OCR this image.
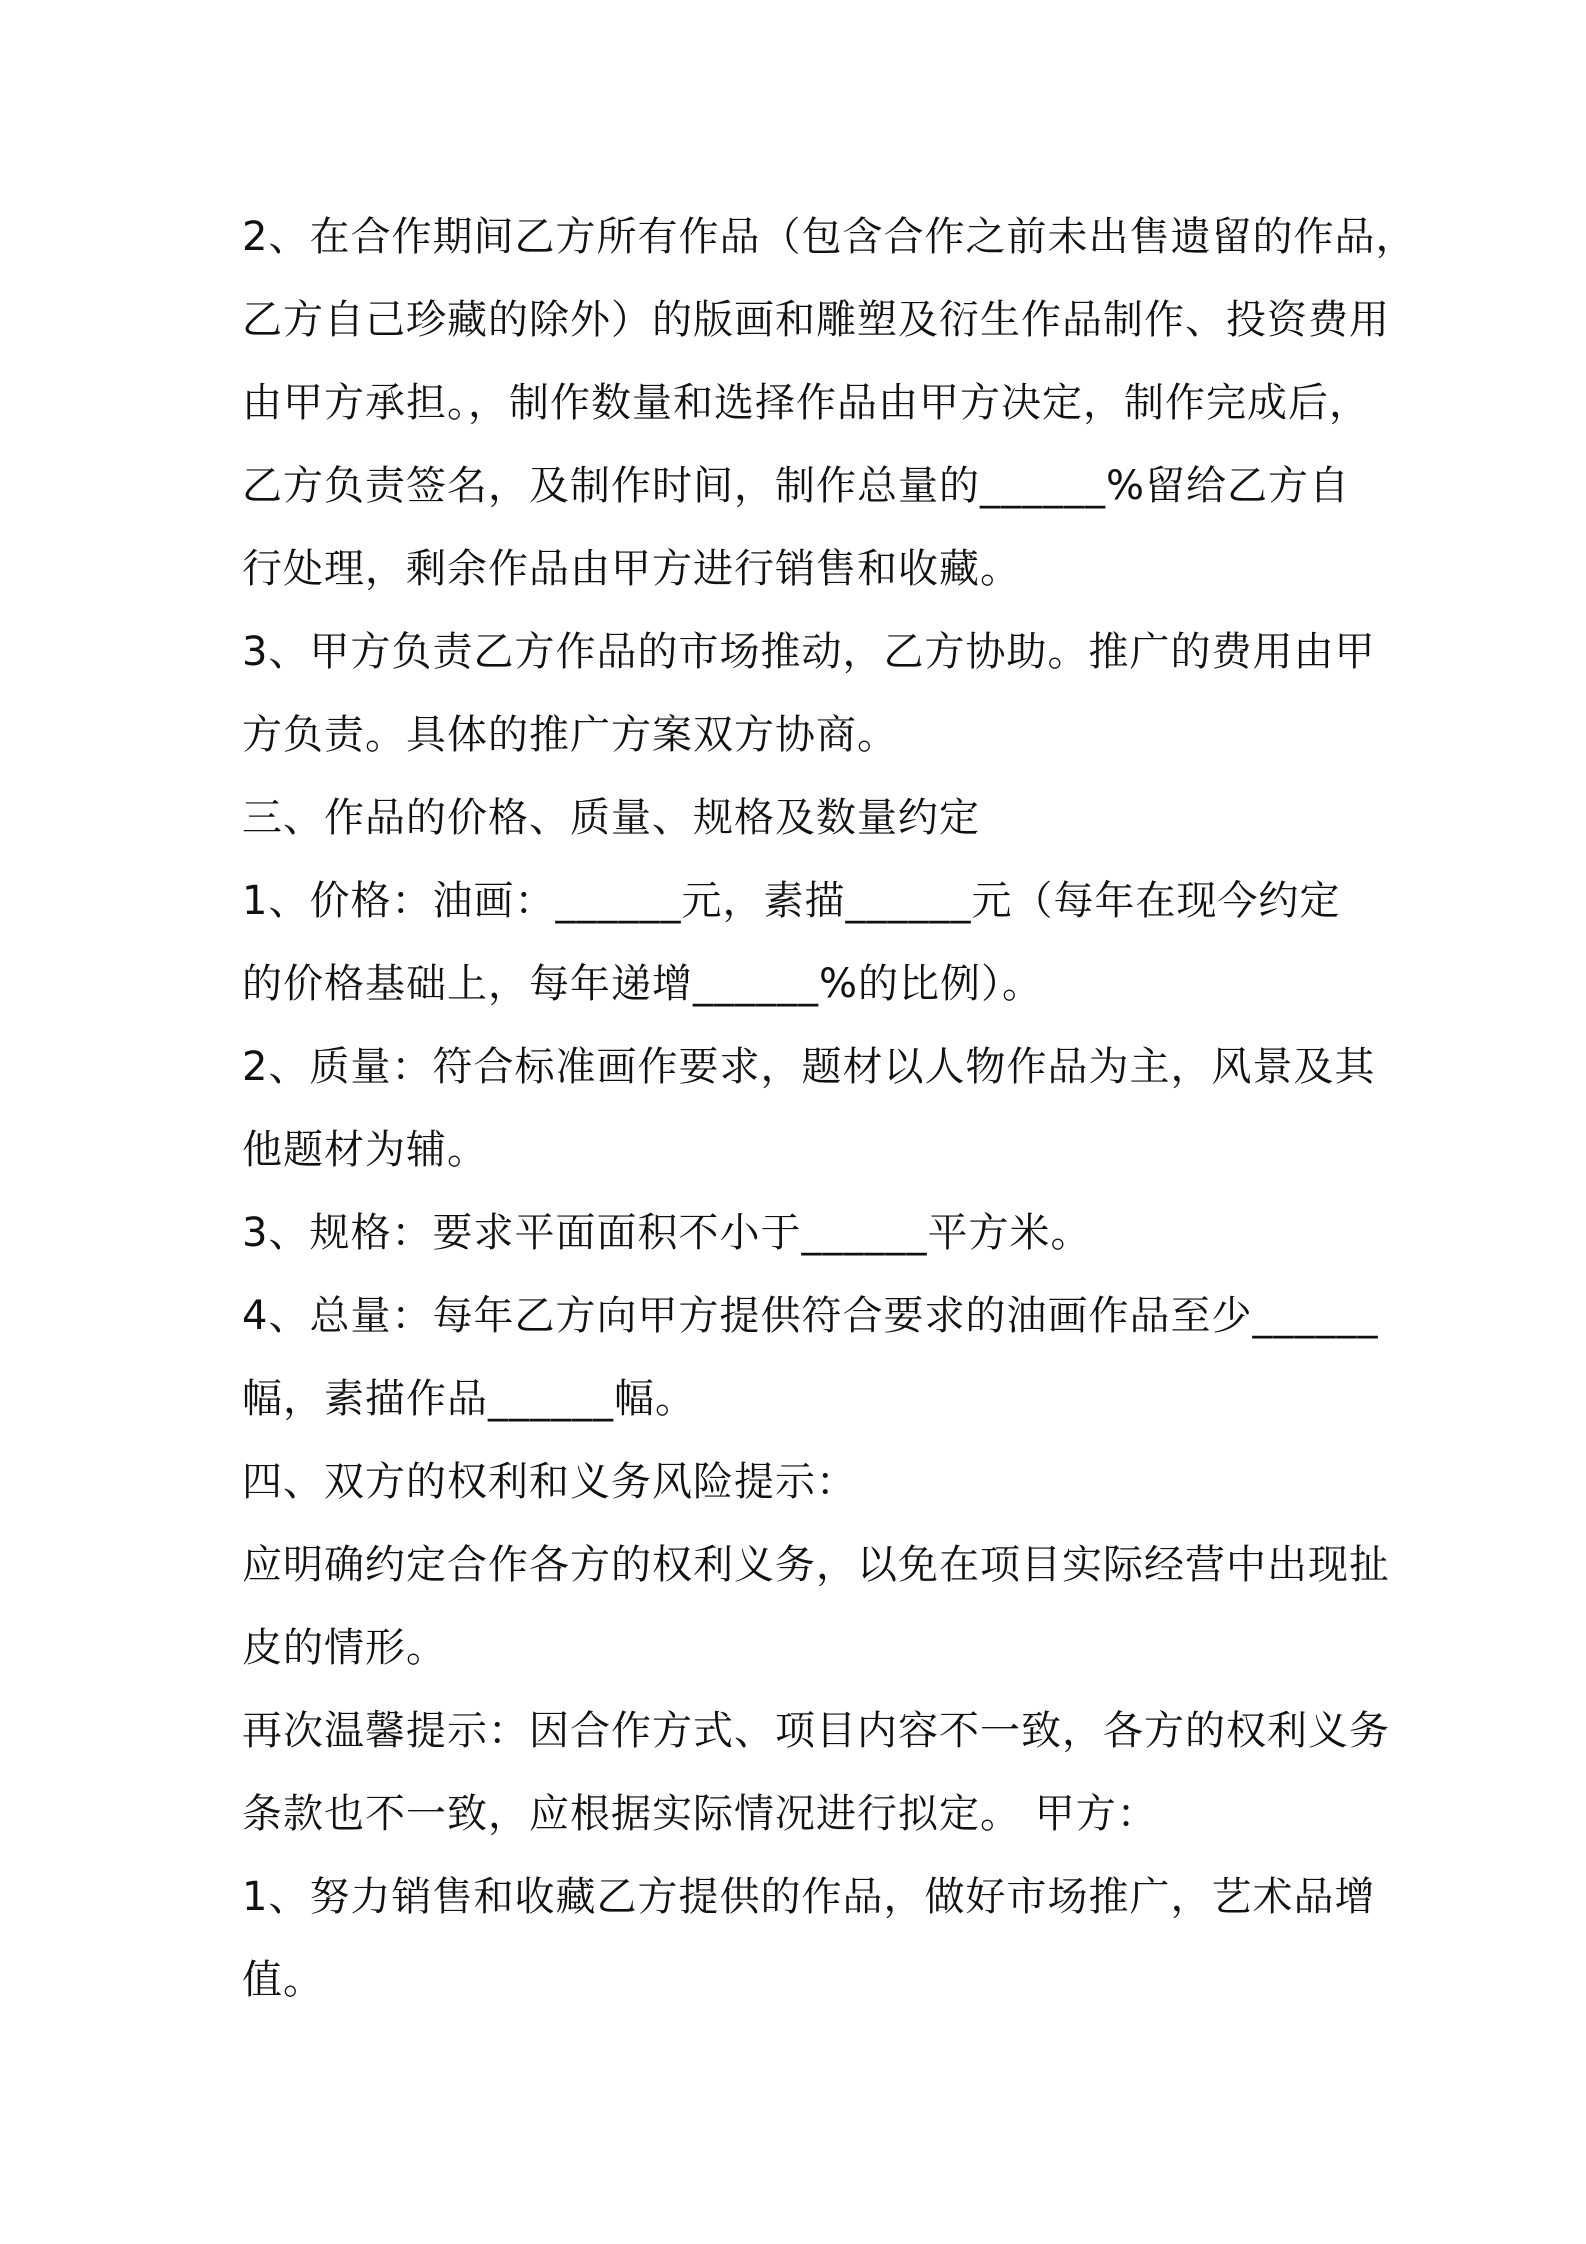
2、在合作期间乙方所有作品（包含合作之前未出售遗留的作品，
乙方自己珍藏的除外）的版画和雕塑及衍生作品制作、投资费用
由甲方承担。，制作数量和选择作品由甲方决定，制作完成后，
乙方负责签名，及制作时间，制作总量的______%留给乙方自
行处理，剩余作品由甲方进行销售和收藏。
3、甲方负责乙方作品的市场推动，乙方协助。推广的费用由甲
方负责。具体的推广方案双方协商。
三、作品的价格、质量、规格及数量约定
1、价格：油画：______元，素描______元（每年在现今约定
的价格基础上，每年递增______%的比例）。
2、质量：符合标准画作要求，题材以人物作品为主，风景及其
他题材为辅。
3、规格：要求平面面积不小于______平方米。
4、总量：每年乙方向甲方提供符合要求的油画作品至少______
幅，素描作品______幅。
四、双方的权利和义务风险提示：
应明确约定合作各方的权利义务，以免在项目实际经营中出现扯
皮的情形。
再次温馨提示：因合作方式、项目内容不一致，各方的权利义务
条款也不一致，应根据实际情况进行拟定。 甲方：
1、努力销售和收藏乙方提供的作品，做好市场推广，艺术品增
值。
